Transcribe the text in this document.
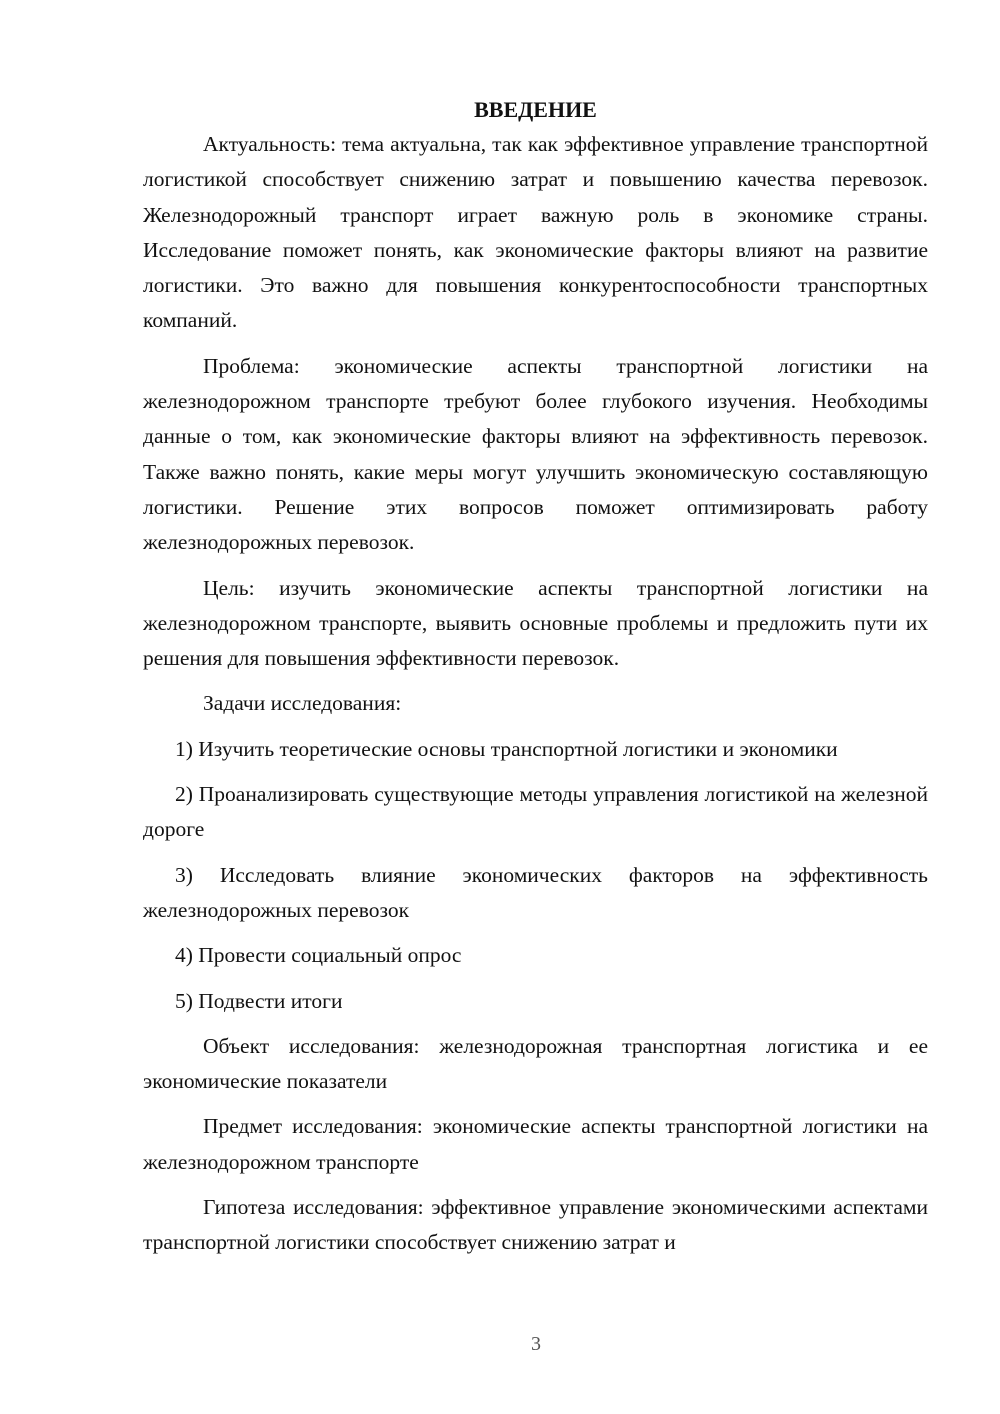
ВВЕДЕНИЕ

Актуальность: тема актуальна, так как эффективное управление транспортной логистикой способствует снижению затрат и повышению качества перевозок. Железнодорожный транспорт играет важную роль в экономике страны. Исследование поможет понять, как экономические факторы влияют на развитие логистики. Это важно для повышения конкурентоспособности транспортных компаний.

Проблема: экономические аспекты транспортной логистики на железнодорожном транспорте требуют более глубокого изучения. Необходимы данные о том, как экономические факторы влияют на эффективность перевозок. Также важно понять, какие меры могут улучшить экономическую составляющую логистики. Решение этих вопросов поможет оптимизировать работу железнодорожных перевозок.

Цель: изучить экономические аспекты транспортной логистики на железнодорожном транспорте, выявить основные проблемы и предложить пути их решения для повышения эффективности перевозок.

Задачи исследования:

1) Изучить теоретические основы транспортной логистики и экономики

2) Проанализировать существующие методы управления логистикой на железной дороге

3) Исследовать влияние экономических факторов на эффективность железнодорожных перевозок

4) Провести социальный опрос

5) Подвести итоги

Объект исследования: железнодорожная транспортная логистика и ее экономические показатели

Предмет исследования: экономические аспекты транспортной логистики на железнодорожном транспорте

Гипотеза исследования: эффективное управление экономическими аспектами транспортной логистики способствует снижению затрат и

3
